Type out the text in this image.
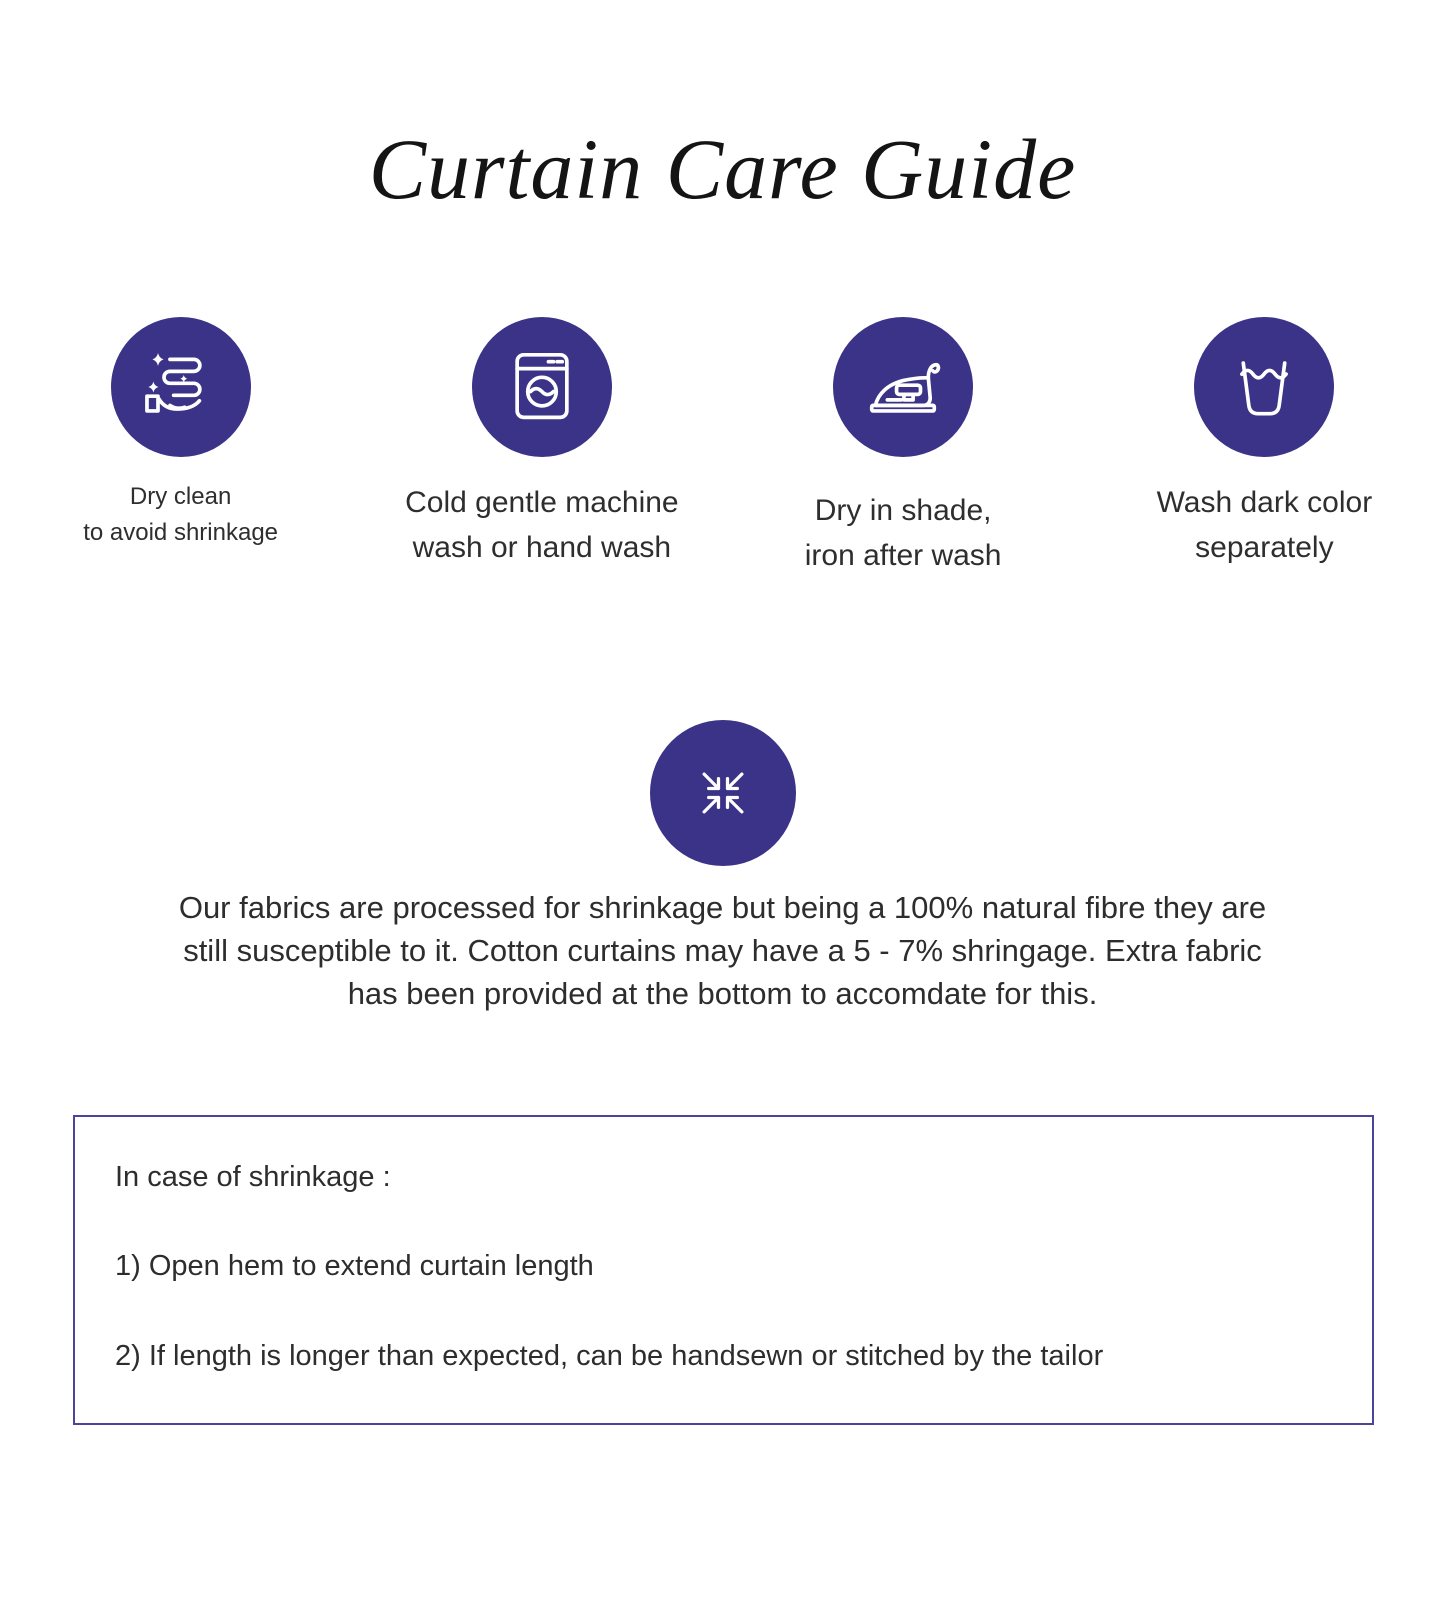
Curtain Care Guide
Dry clean
to avoid shrinkage
Cold gentle machine
wash or hand wash
Dry in shade,
iron after wash
Wash dark color
separately
Our fabrics are processed for shrinkage but being a 100% natural fibre they are
still susceptible to it. Cotton curtains may have a 5 - 7% shringage. Extra fabric
has been provided at the bottom to accomdate for this.
In case of shrinkage :
1) Open hem to extend curtain length
2) If length is longer than expected, can be handsewn or stitched by the tailor
